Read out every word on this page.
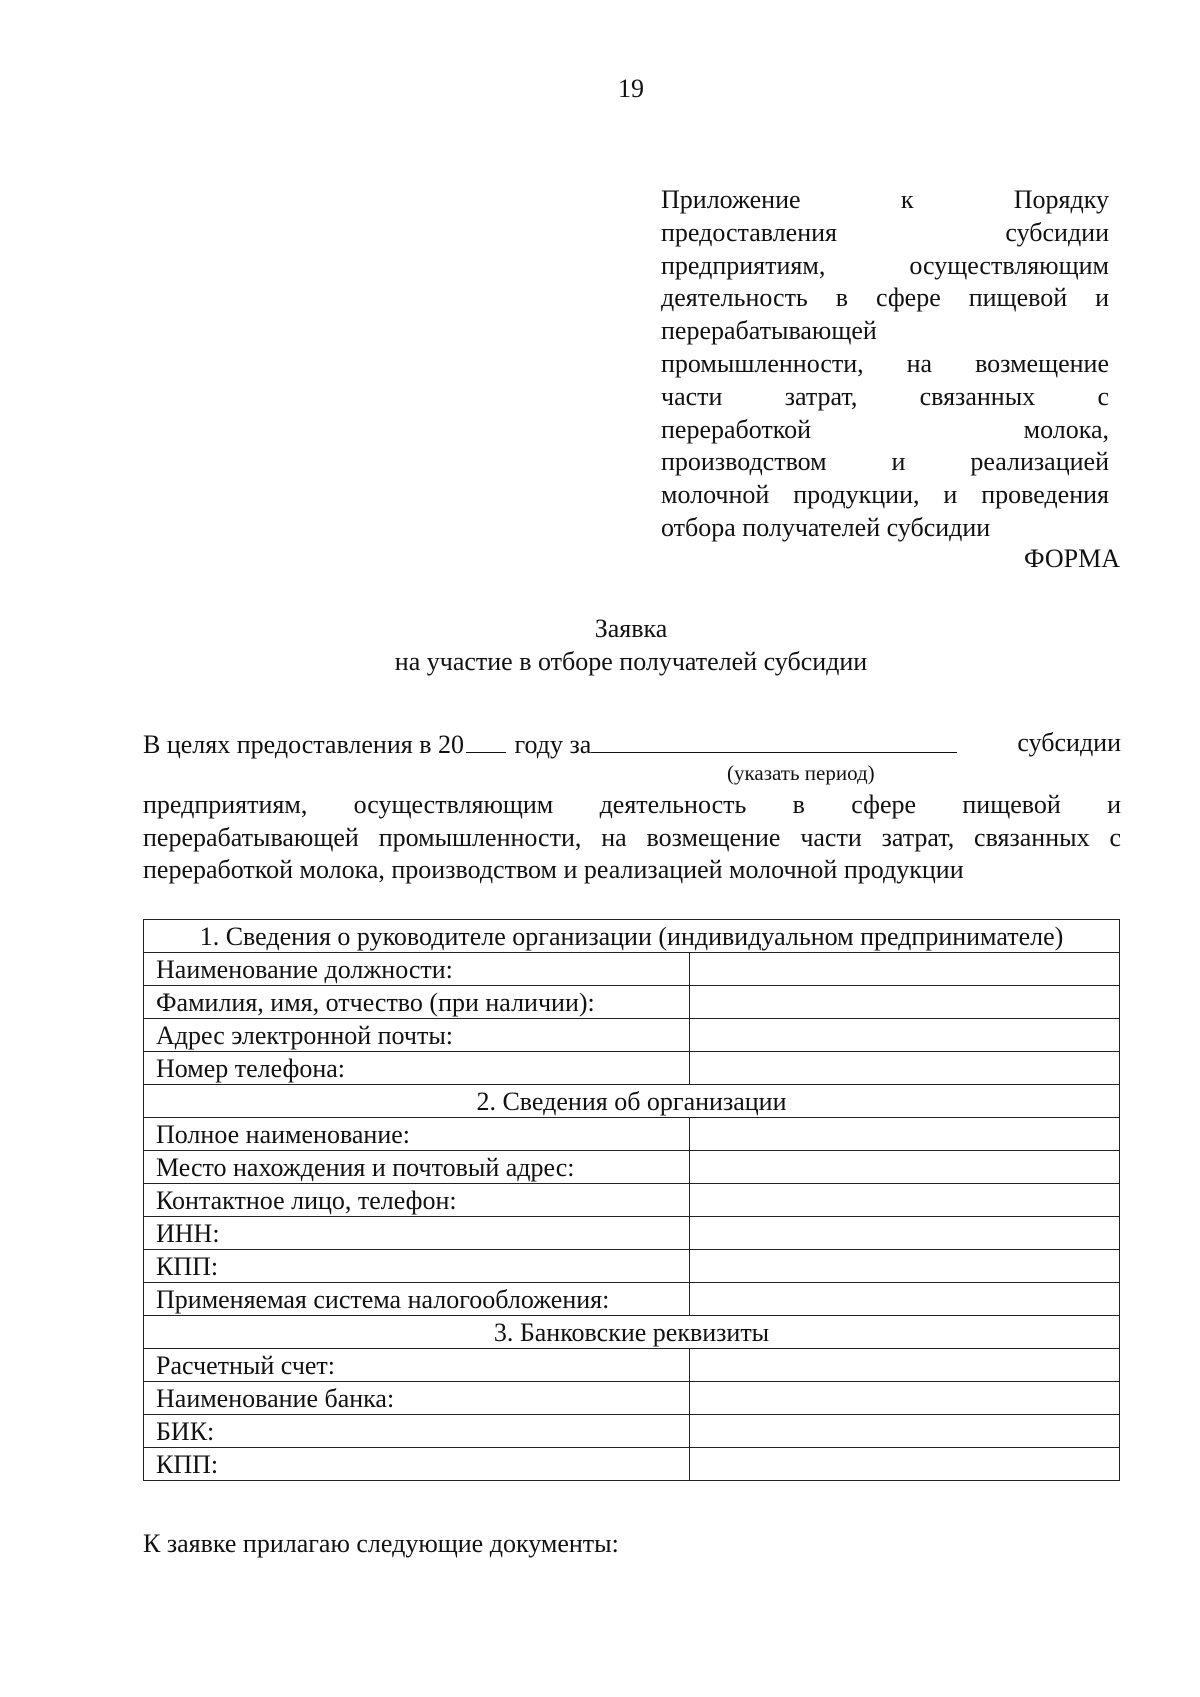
19
Приложение к Порядку
предоставления субсидии
предприятиям, осуществляющим
деятельность в сфере пищевой и
перерабатывающей
промышленности, на возмещение
части затрат, связанных с
переработкой молока,
производством и реализацией
молочной продукции, и проведения
отбора получателей субсидии
ФОРМА
Заявка
на участие в отборе получателей субсидии
В целях предоставления в 20 году за	субсидии
(указать период)
предприятиям, осуществляющим деятельность в сфере пищевой и
перерабатывающей промышленности, на возмещение части затрат, связанных с
переработкой молока, производством и реализацией молочной продукции
1. Сведения о руководителе организации (индивидуальном предпринимателе)	
Наименование должности:	
Фамилия, имя, отчество (при наличии):	
Адрес электронной почты:	
Номер телефона:	
2. Сведения об организации	
Полное наименование:	
Место нахождения и почтовый адрес:	
Контактное лицо, телефон:	
ИНН:	
КПП:	
Применяемая система налогообложения:	
3. Банковские реквизиты	
Расчетный счет:	
Наименование банка:	
БИК:	
КПП:	
К заявке прилагаю следующие документы:
